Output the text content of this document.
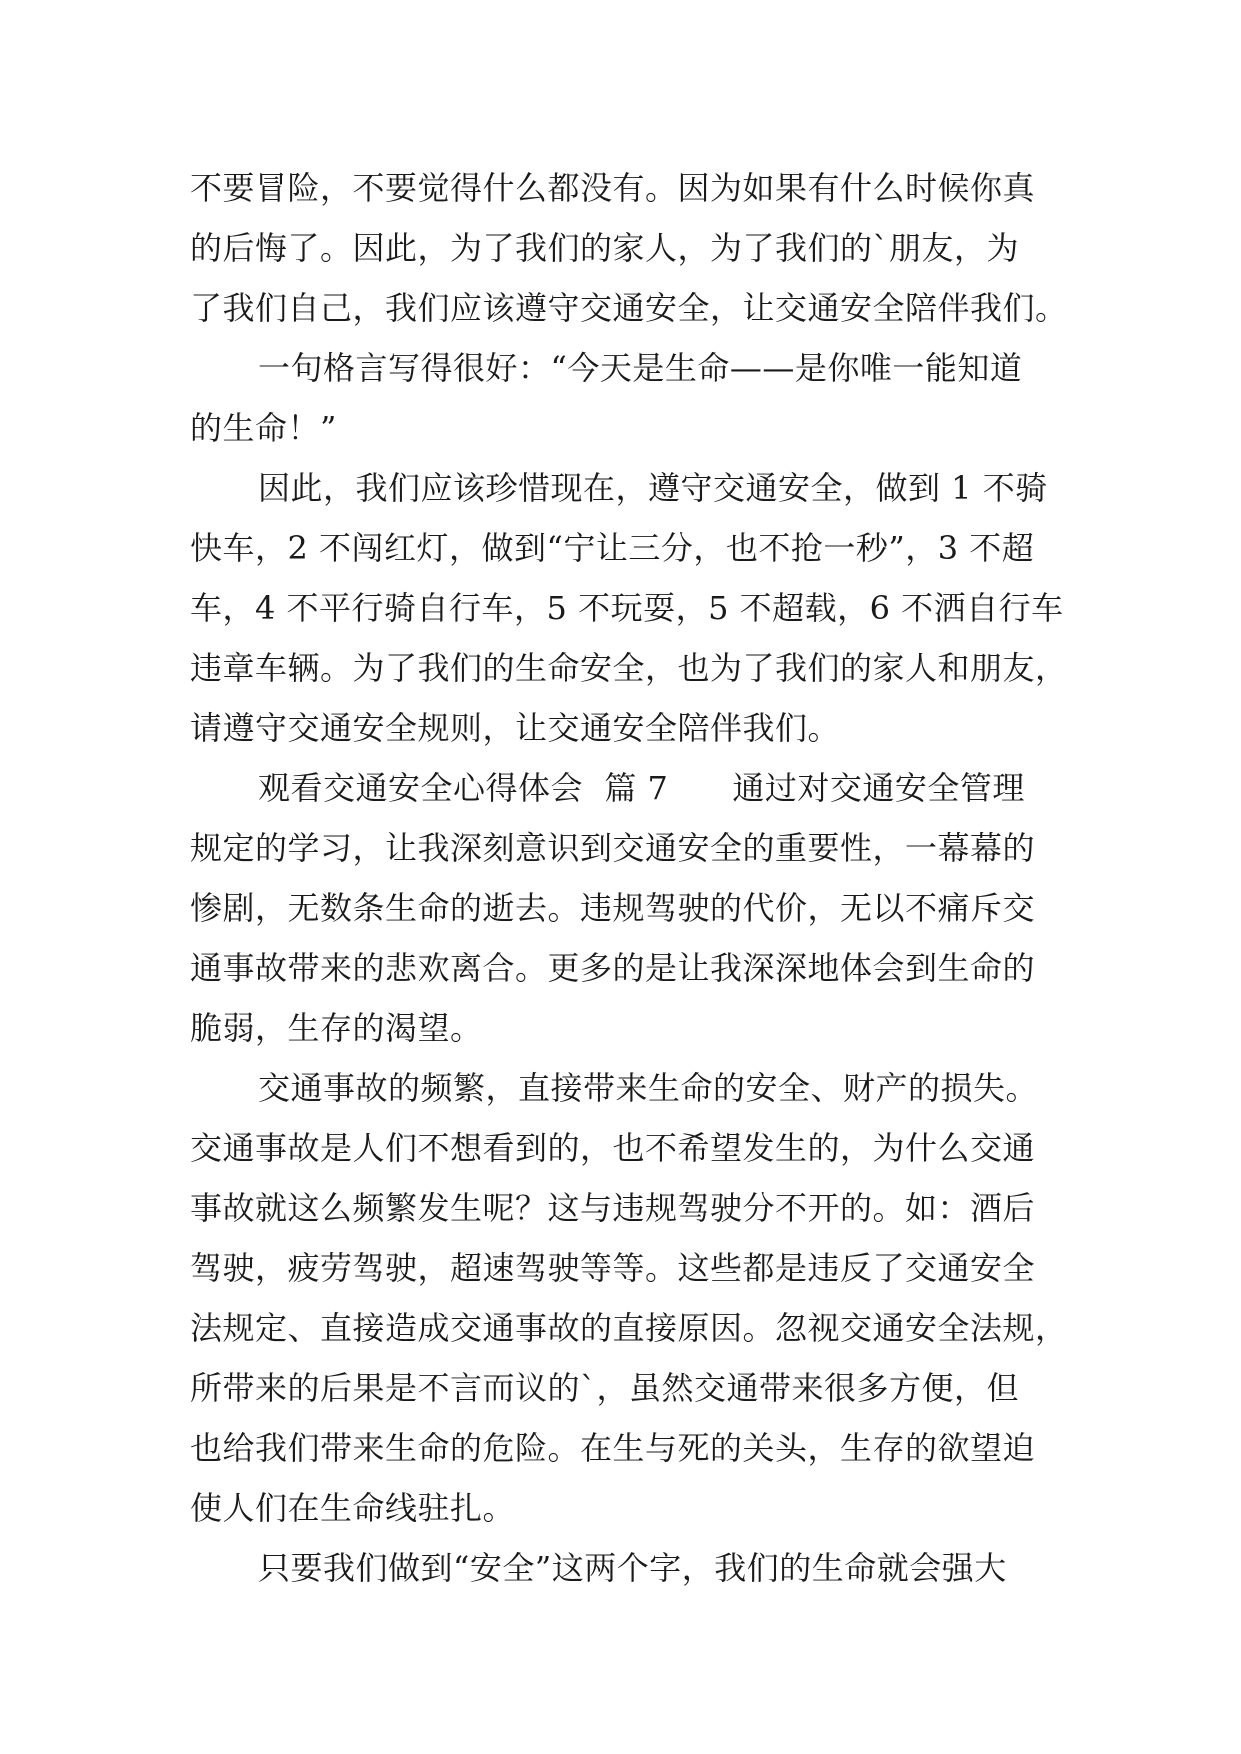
不要冒险，不要觉得什么都没有。因为如果有什么时候你真
的后悔了。因此，为了我们的家人，为了我们的`朋友，为
了我们自己，我们应该遵守交通安全，让交通安全陪伴我们。
一句格言写得很好：“今天是生命——是你唯一能知道
的生命！”
因此，我们应该珍惜现在，遵守交通安全，做到 1 不骑
快车，2 不闯红灯，做到“宁让三分，也不抢一秒”，3 不超
车，4 不平行骑自行车，5 不玩耍，5 不超载，6 不洒自行车
违章车辆。为了我们的生命安全，也为了我们的家人和朋友，
请遵守交通安全规则，让交通安全陪伴我们。
观看交通安全心得体会  篇 7      通过对交通安全管理
规定的学习，让我深刻意识到交通安全的重要性，一幕幕的
惨剧，无数条生命的逝去。违规驾驶的代价，无以不痛斥交
通事故带来的悲欢离合。更多的是让我深深地体会到生命的
脆弱，生存的渴望。
交通事故的频繁，直接带来生命的安全、财产的损失。
交通事故是人们不想看到的，也不希望发生的，为什么交通
事故就这么频繁发生呢？这与违规驾驶分不开的。如：酒后
驾驶，疲劳驾驶，超速驾驶等等。这些都是违反了交通安全
法规定、直接造成交通事故的直接原因。忽视交通安全法规，
所带来的后果是不言而议的`，虽然交通带来很多方便，但
也给我们带来生命的危险。在生与死的关头，生存的欲望迫
使人们在生命线驻扎。
只要我们做到“安全”这两个字，我们的生命就会强大
